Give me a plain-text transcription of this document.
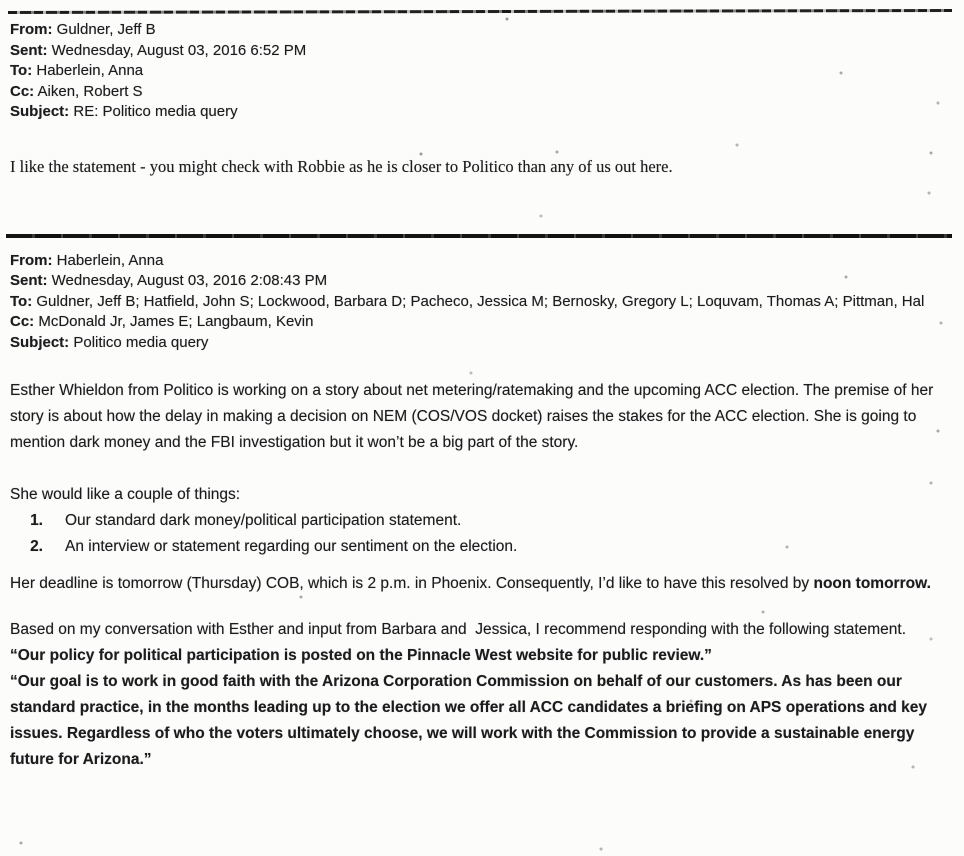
From: Guldner, Jeff B
Sent: Wednesday, August 03, 2016 6:52 PM
To: Haberlein, Anna
Cc: Aiken, Robert S
Subject: RE: Politico media query

I like the statement - you might check with Robbie as he is closer to Politico than any of us out here.

From: Haberlein, Anna
Sent: Wednesday, August 03, 2016 2:08:43 PM
To: Guldner, Jeff B; Hatfield, John S; Lockwood, Barbara D; Pacheco, Jessica M; Bernosky, Gregory L; Loquvam, Thomas A; Pittman, Hal
Cc: McDonald Jr, James E; Langbaum, Kevin
Subject: Politico media query

Esther Whieldon from Politico is working on a story about net metering/ratemaking and the upcoming ACC election. The premise of her story is about how the delay in making a decision on NEM (COS/VOS docket) raises the stakes for the ACC election. She is going to mention dark money and the FBI investigation but it won’t be a big part of the story.

She would like a couple of things:

1.	Our standard dark money/political participation statement.
2.	An interview or statement regarding our sentiment on the election.

Her deadline is tomorrow (Thursday) COB, which is 2 p.m. in Phoenix. Consequently, I’d like to have this resolved by noon tomorrow.

Based on my conversation with Esther and input from Barbara and  Jessica, I recommend responding with the following statement.

“Our policy for political participation is posted on the Pinnacle West website for public review.”

“Our goal is to work in good faith with the Arizona Corporation Commission on behalf of our customers. As has been our standard practice, in the months leading up to the election we offer all ACC candidates a briefing on APS operations and key issues. Regardless of who the voters ultimately choose, we will work with the Commission to provide a sustainable energy future for Arizona.”
